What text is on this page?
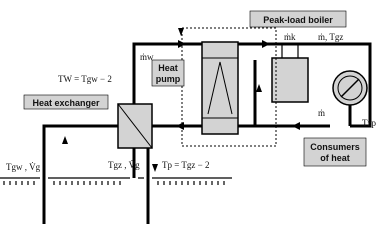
Peak-load boiler
Heat
pump
Heat exchanger
ṁw
ṁk ṁ, Tgz
ṁ
Tzp
TW = Tgw − 2
Tgw , V̇g	Tgz , V̇g Tp = Tgz − 2
Consumers
of heat
